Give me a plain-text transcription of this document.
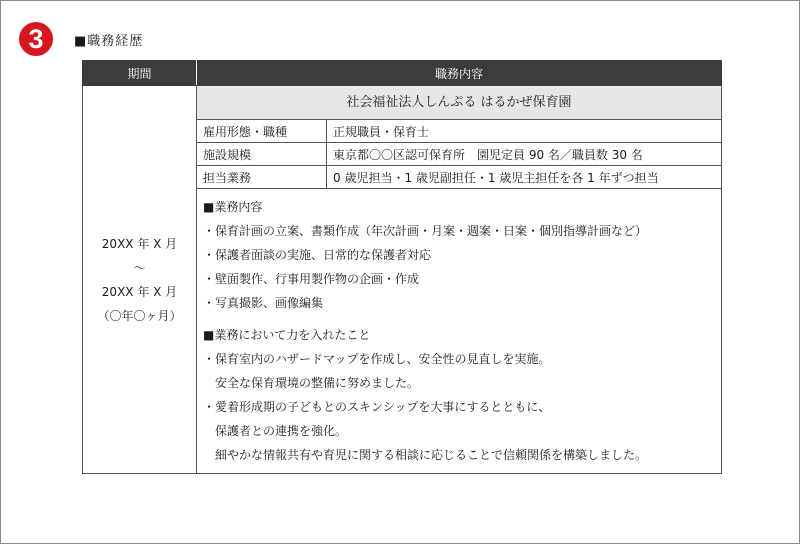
3	■職務経歴
期間	職務内容

20XX 年 X 月
～
20XX 年 X 月
（〇年〇ヶ月）

社会福祉法人しんぷる はるかぜ保育園
雇用形態・職種	正規職員・保育士
施設規模	東京都〇〇区認可保育所　園児定員 90 名／職員数 30 名
担当業務	0 歳児担当・1 歳児副担任・1 歳児主担任を各 1 年ずつ担当
■業務内容
・保育計画の立案、書類作成（年次計画・月案・週案・日案・個別指導計画など）
・保護者面談の実施、日常的な保護者対応
・壁面製作、行事用製作物の企画・作成
・写真撮影、画像編集
■業務において力を入れたこと
・保育室内のハザードマップを作成し、安全性の見直しを実施。
安全な保育環境の整備に努めました。
・愛着形成期の子どもとのスキンシップを大事にするとともに、
保護者との連携を強化。
細やかな情報共有や育児に関する相談に応じることで信頼関係を構築しました。
